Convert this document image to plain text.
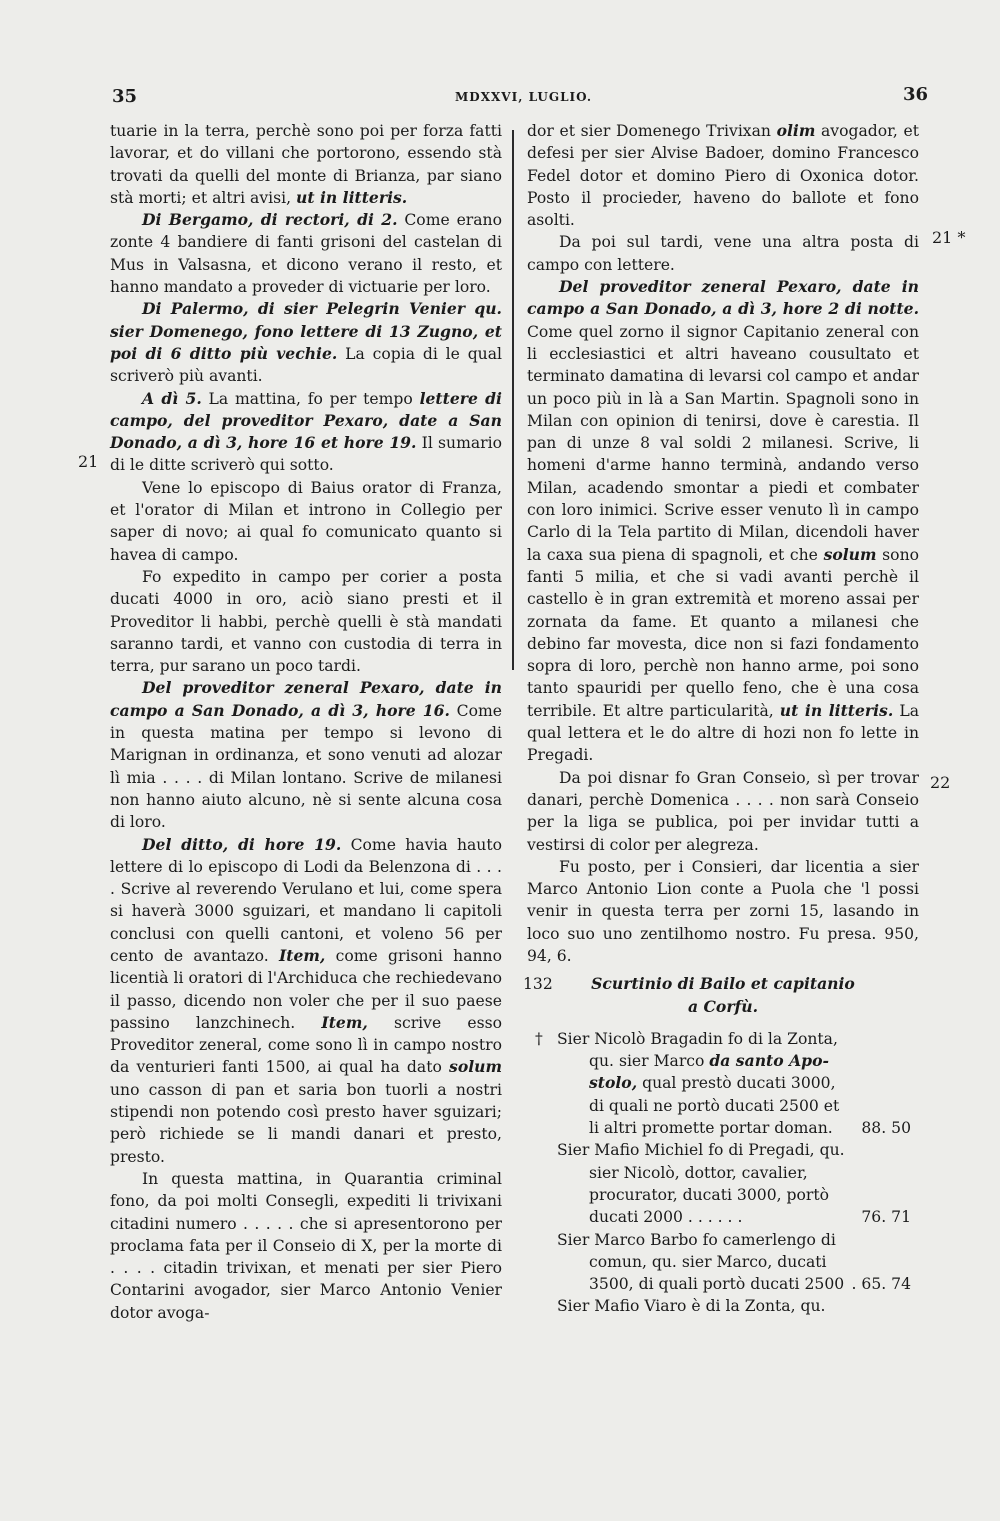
35	MDXXVI, LUGLIO.	36
21
21 *
22

tuarie in la terra, perchè sono poi per forza fatti lavorar, et do villani che portorono, essendo stà trovati da quelli del monte di Brianza, par siano stà morti; et altri avisi, ut in litteris.

Di Bergamo, di rectori, di 2. Come erano zonte 4 bandiere di fanti grisoni del castelan di Mus in Valsasna, et dicono verano il resto, et hanno mandato a proveder di victuarie per loro.

Di Palermo, di sier Pelegrin Venier qu. sier Domenego, fono lettere di 13 Zugno, et poi di 6 ditto più vechie. La copia di le qual scriverò più avanti.

A dì 5. La mattina, fo per tempo lettere di campo, del proveditor Pexaro, date a San Donado, a dì 3, hore 16 et hore 19. Il sumario di le ditte scriverò qui sotto.

Vene lo episcopo di Baius orator di Franza, et l'orator di Milan et introno in Collegio per saper di novo; ai qual fo comunicato quanto si havea di campo.

Fo expedito in campo per corier a posta ducati 4000 in oro, aciò siano presti et il Proveditor li habbi, perchè quelli è stà mandati saranno tardi, et vanno con custodia di terra in terra, pur sarano un poco tardi.

Del proveditor zeneral Pexaro, date in campo a San Donado, a dì 3, hore 16. Come in questa matina per tempo si levono di Marignan in ordinanza, et sono venuti ad alozar lì mia . . . . di Milan lontano. Scrive de milanesi non hanno aiuto alcuno, nè si sente alcuna cosa di loro.

Del ditto, di hore 19. Come havia hauto lettere di lo episcopo di Lodi da Belenzona di . . . . Scrive al reverendo Verulano et lui, come spera si haverà 3000 sguizari, et mandano li capitoli conclusi con quelli cantoni, et voleno 56 per cento de avantazo. Item, come grisoni hanno licentià li oratori di l'Archiduca che rechiedevano il passo, dicendo non voler che per il suo paese passino lanzchinech. Item, scrive esso Proveditor zeneral, come sono lì in campo nostro da venturieri fanti 1500, ai qual ha dato solum uno casson di pan et saria bon tuorli a nostri stipendi non potendo così presto haver sguizari; però richiede se li mandi danari et presto, presto.

In questa mattina, in Quarantia criminal fono, da poi molti Consegli, expediti li trivixani citadini numero . . . . . che si apresentorono per proclama fata per il Conseio di X, per la morte di . . . . citadin trivixan, et menati per sier Piero Contarini avogador, sier Marco Antonio Venier dotor avoga-

dor et sier Domenego Trivixan olim avogador, et defesi per sier Alvise Badoer, domino Francesco Fedel dotor et domino Piero di Oxonica dotor. Posto il procieder, haveno do ballote et fono asolti.

Da poi sul tardi, vene una altra posta di campo con lettere.

Del proveditor zeneral Pexaro, date in campo a San Donado, a dì 3, hore 2 di notte. Come quel zorno il signor Capitanio zeneral con li ecclesiastici et altri haveano cousultato et terminato damatina di levarsi col campo et andar un poco più in là a San Martin. Spagnoli sono in Milan con opinion di tenirsi, dove è carestia. Il pan di unze 8 val soldi 2 milanesi. Scrive, li homeni d'arme hanno terminà, andando verso Milan, acadendo smontar a piedi et combater con loro inimici. Scrive esser venuto lì in campo Carlo di la Tela partito di Milan, dicendoli haver la caxa sua piena di spagnoli, et che solum sono fanti 5 milia, et che si vadi avanti perchè il castello è in gran extremità et moreno assai per zornata da fame. Et quanto a milanesi che debino far movesta, dice non si fazi fondamento sopra di loro, perchè non hanno arme, poi sono tanto spauridi per quello feno, che è una cosa terribile. Et altre particularità, ut in litteris. La qual lettera et le do altre di hozi non fo lette in Pregadi.

Da poi disnar fo Gran Conseio, sì per trovar danari, perchè Domenica . . . . non sarà Conseio per la liga se publica, poi per invidar tutti a vestirsi di color per alegreza.

Fu posto, per i Consieri, dar licentia a sier Marco Antonio Lion conte a Puola che 'l possi venir in questa terra per zorni 15, lasando in loco suo uno zentilhomo nostro. Fu presa. 950, 94, 6.

132	Scurtinio di Bailo et capitanio
a Corfù.
† Sier Nicolò Bragadin fo di la Zonta,
qu. sier Marco da santo Apo-
stolo, qual prestò ducati 3000,
di quali ne portò ducati 2500 et
li altri promette portar doman.	88. 50
Sier Mafio Michiel fo di Pregadi, qu.
sier Nicolò, dottor, cavalier,
procurator, ducati 3000, portò
ducati 2000 . . . . . .	76. 71
Sier Marco Barbo fo camerlengo di
comun, qu. sier Marco, ducati
3500, di quali portò ducati 2500 . 65. 74
Sier Mafio Viaro è di la Zonta, qu.
